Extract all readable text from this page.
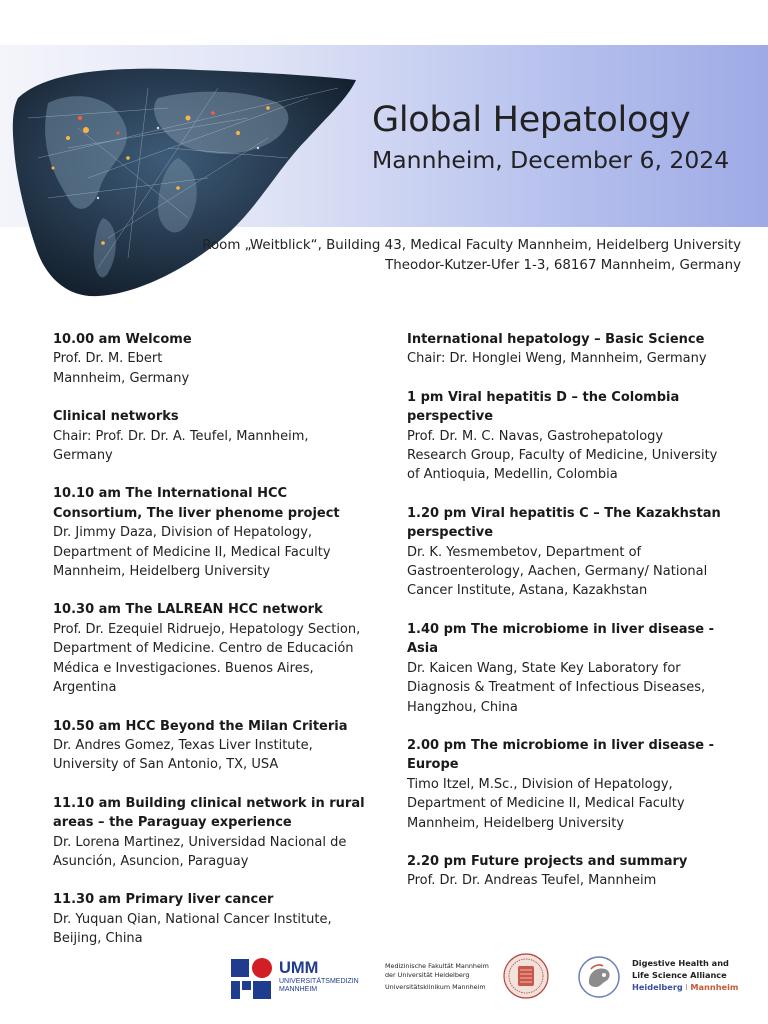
Global Hepatology
Mannheim, December 6, 2024
Room „Weitblick“, Building 43, Medical Faculty Mannheim, Heidelberg University
Theodor-Kutzer-Ufer 1-3, 68167 Mannheim, Germany
10.00 am Welcome
Prof. Dr. M. Ebert
Mannheim, Germany
Clinical networks
Chair: Prof. Dr. Dr. A. Teufel, Mannheim,
Germany
10.10 am The International HCC Consortium, The liver phenome project
Dr. Jimmy Daza, Division of Hepatology,
Department of Medicine II, Medical Faculty
Mannheim, Heidelberg University
10.30 am The LALREAN HCC network
Prof. Dr. Ezequiel Ridruejo, Hepatology Section,
Department of Medicine. Centro de Educación
Médica e Investigaciones. Buenos Aires,
Argentina
10.50 am HCC Beyond the Milan Criteria
Dr. Andres Gomez, Texas Liver Institute,
University of San Antonio, TX, USA
11.10 am Building clinical network in rural areas – the Paraguay experience
Dr. Lorena Martinez, Universidad Nacional de
Asunción, Asuncion, Paraguay
11.30 am Primary liver cancer
Dr. Yuquan Qian, National Cancer Institute,
Beijing, China
International hepatology – Basic Science
Chair: Dr. Honglei Weng, Mannheim, Germany
1 pm Viral hepatitis D – the Colombia perspective
Prof. Dr. M. C. Navas, Gastrohepatology
Research Group, Faculty of Medicine, University
of Antioquia, Medellin, Colombia
1.20 pm Viral hepatitis C – The Kazakhstan perspective
Dr. K. Yesmembetov, Department of
Gastroenterology, Aachen, Germany/ National
Cancer Institute, Astana, Kazakhstan
1.40 pm The microbiome in liver disease - Asia
Dr. Kaicen Wang, State Key Laboratory for
Diagnosis & Treatment of Infectious Diseases,
Hangzhou, China
2.00 pm The microbiome in liver disease - Europe
Timo Itzel, M.Sc., Division of Hepatology,
Department of Medicine II, Medical Faculty
Mannheim, Heidelberg University
2.20 pm Future projects and summary
Prof. Dr. Dr. Andreas Teufel, Mannheim
UMM
UNIVERSITÄTSMEDIZIN
MANNHEIM
Medizinische Fakultät Mannheim
der Universität Heidelberg
Universitätsklinikum Mannheim
Digestive Health and
Life Science Alliance
Heidelberg I Mannheim
